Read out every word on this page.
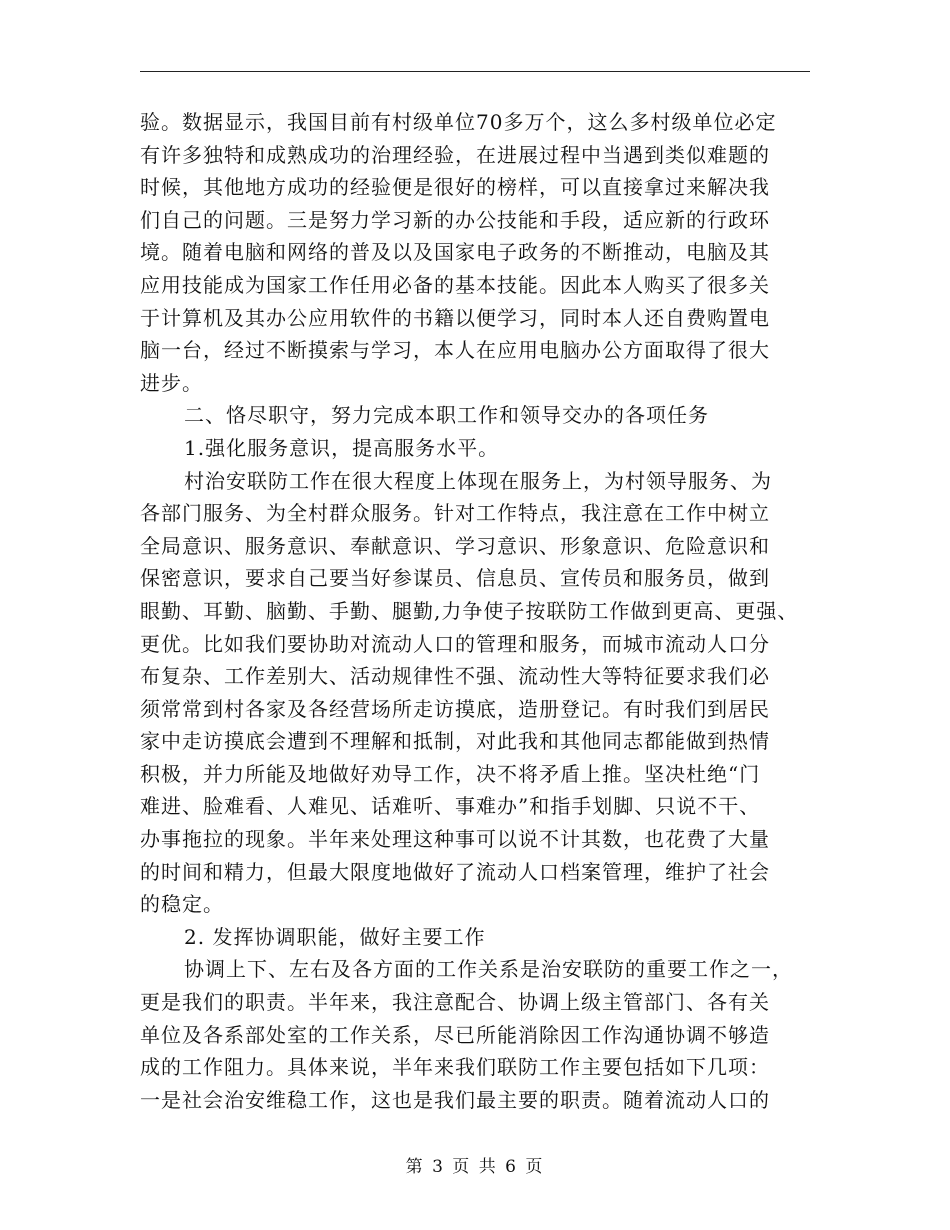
验。数据显示，我国目前有村级单位70多万个，这么多村级单位必定
有许多独特和成熟成功的治理经验，在进展过程中当遇到类似难题的
时候，其他地方成功的经验便是很好的榜样，可以直接拿过来解决我
们自己的问题。三是努力学习新的办公技能和手段，适应新的行政环
境。随着电脑和网络的普及以及国家电子政务的不断推动，电脑及其
应用技能成为国家工作任用必备的基本技能。因此本人购买了很多关
于计算机及其办公应用软件的书籍以便学习，同时本人还自费购置电
脑一台，经过不断摸索与学习，本人在应用电脑办公方面取得了很大
进步。
二、恪尽职守，努力完成本职工作和领导交办的各项任务
1.强化服务意识，提高服务水平。
村治安联防工作在很大程度上体现在服务上，为村领导服务、为
各部门服务、为全村群众服务。针对工作特点，我注意在工作中树立
全局意识、服务意识、奉献意识、学习意识、形象意识、危险意识和
保密意识，要求自己要当好参谋员、信息员、宣传员和服务员，做到
眼勤、耳勤、脑勤、手勤、腿勤,力争使子按联防工作做到更高、更强、
更优。比如我们要协助对流动人口的管理和服务，而城市流动人口分
布复杂、工作差别大、活动规律性不强、流动性大等特征要求我们必
须常常到村各家及各经营场所走访摸底，造册登记。有时我们到居民
家中走访摸底会遭到不理解和抵制，对此我和其他同志都能做到热情
积极，并力所能及地做好劝导工作，决不将矛盾上推。坚决杜绝“门
难进、脸难看、人难见、话难听、事难办”和指手划脚、只说不干、
办事拖拉的现象。半年来处理这种事可以说不计其数，也花费了大量
的时间和精力，但最大限度地做好了流动人口档案管理，维护了社会
的稳定。
2. 发挥协调职能，做好主要工作
协调上下、左右及各方面的工作关系是治安联防的重要工作之一，
更是我们的职责。半年来，我注意配合、协调上级主管部门、各有关
单位及各系部处室的工作关系，尽已所能消除因工作沟通协调不够造
成的工作阻力。具体来说，半年来我们联防工作主要包括如下几项：
一是社会治安维稳工作，这也是我们最主要的职责。随着流动人口的
第 3 页 共 6 页
